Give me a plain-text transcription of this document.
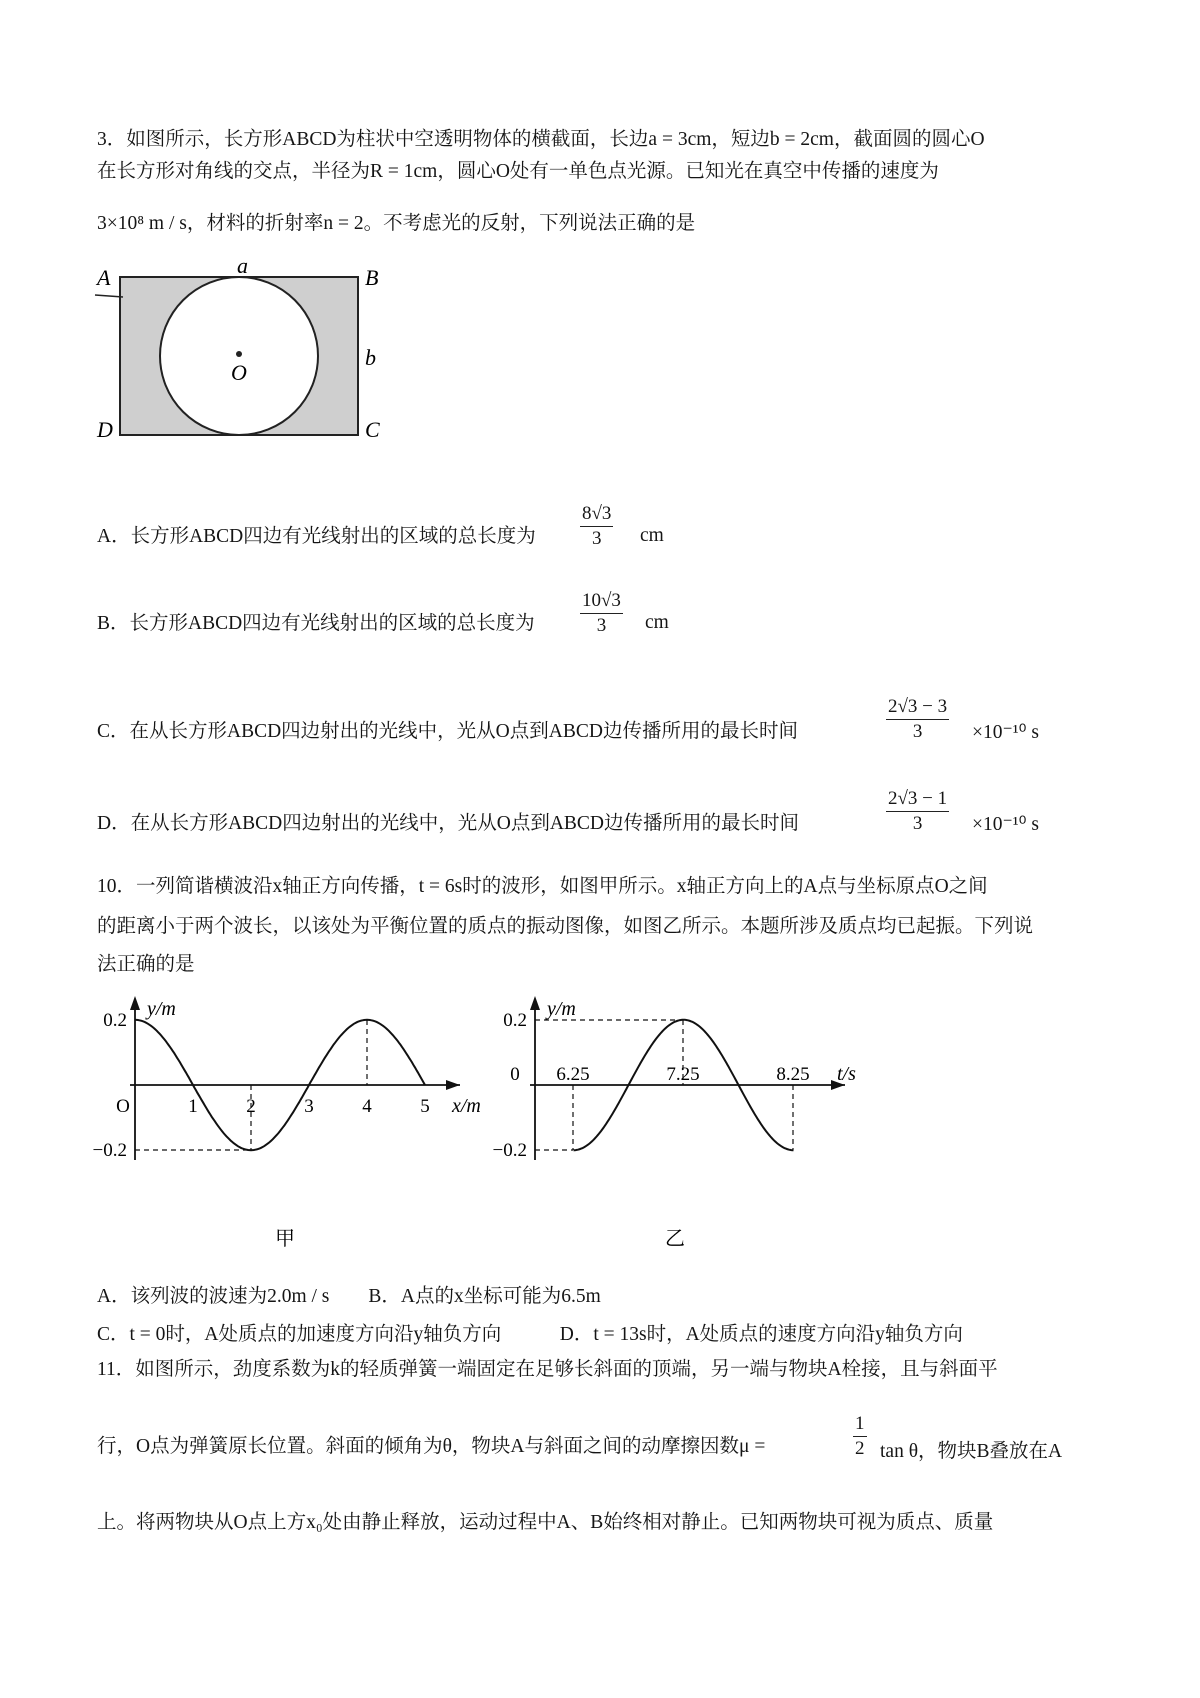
3．如图所示，长方形ABCD为柱状中空透明物体的横截面，长边a = 3cm，短边b = 2cm，截面圆的圆心O
在长方形对角线的交点，半径为R = 1cm，圆心O处有一单色点光源。已知光在真空中传播的速度为
3×10⁸ m / s，材料的折射率n = 2。不考虑光的反射，下列说法正确的是
A	B
C
D
O
a
b
A．长方形ABCD四边有光线射出的区域的总长度为
8√3
3	cm
B．长方形ABCD四边有光线射出的区域的总长度为
10√3
3	cm
C．在从长方形ABCD四边射出的光线中，光从O点到ABCD边传播所用的最长时间
2√3 − 3
3	×10⁻¹⁰ s
D．在从长方形ABCD四边射出的光线中，光从O点到ABCD边传播所用的最长时间
2√3 − 1
3	×10⁻¹⁰ s
10．一列简谐横波沿x轴正方向传播，t = 6s时的波形，如图甲所示。x轴正方向上的A点与坐标原点O之间
的距离小于两个波长，以该处为平衡位置的质点的振动图像，如图乙所示。本题所涉及质点均已起振。下列说
法正确的是
y/m
x/m
0.2
−0.2
O	1	2	3	4	5
甲
y/m
t/s
0.2
−0.2
0 6.25	7.25	8.25
乙
A．该列波的波速为2.0m / s　　B．A点的x坐标可能为6.5m
C．t = 0时，A处质点的加速度方向沿y轴负方向　　　D．t = 13s时，A处质点的速度方向沿y轴负方向
11．如图所示，劲度系数为k的轻质弹簧一端固定在足够长斜面的顶端，另一端与物块A栓接，且与斜面平
行，O点为弹簧原长位置。斜面的倾角为θ，物块A与斜面之间的动摩擦因数μ =
1
2 tan θ，物块B叠放在A
上。将两物块从O点上方x₀处由静止释放，运动过程中A、B始终相对静止。已知两物块可视为质点、质量
